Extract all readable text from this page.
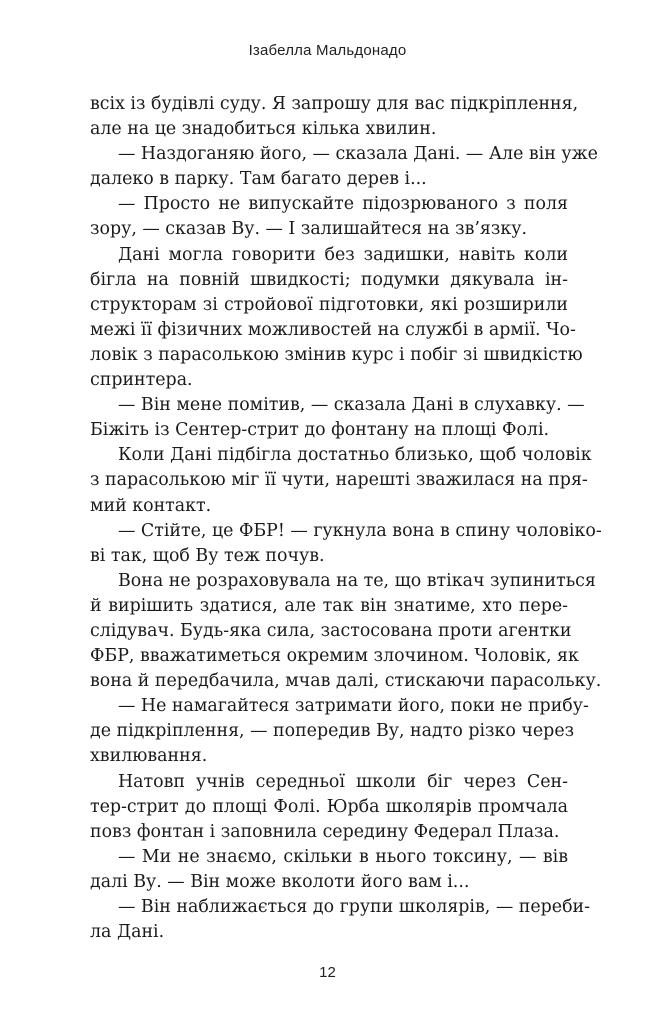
Ізабелла Мальдонадо
всіх із будівлі суду. Я запрошу для вас підкріплення,
але на це знадобиться кілька хвилин.
— Наздоганяю його, — сказала Дані. — Але він уже
далеко в парку. Там багато дерев і...
— Просто не випускайте підозрюваного з поля
зору, — сказав Ву. — І залишайтеся на зв’язку.
Дані могла говорити без задишки, навіть коли
бігла на повній швидкості; подумки дякувала ін-
структорам зі стройової підготовки, які розширили
межі її фізичних можливостей на службі в армії. Чо-
ловік з парасолькою змінив курс і побіг зі швидкістю
спринтера.
— Він мене помітив, — сказала Дані в слухавку. —
Біжіть із Сентер-стрит до фонтану на площі Фолі.
Коли Дані підбігла достатньо близько, щоб чоловік
з парасолькою міг її чути, нарешті зважилася на пря-
мий контакт.
— Стійте, це ФБР! — гукнула вона в спину чоловіко-
ві так, щоб Ву теж почув.
Вона не розраховувала на те, що втікач зупиниться
й вирішить здатися, але так він знатиме, хто пере-
слідувач. Будь-яка сила, застосована проти агентки
ФБР, вважатиметься окремим злочином. Чоловік, як
вона й передбачила, мчав далі, стискаючи парасольку.
— Не намагайтеся затримати його, поки не прибу-
де підкріплення, — попередив Ву, надто різко через
хвилювання.
Натовп учнів середньої школи біг через Сен-
тер-стрит до площі Фолі. Юрба школярів промчала
повз фонтан і заповнила середину Федерал Плаза.
— Ми не знаємо, скільки в нього токсину, — вів
далі Ву. — Він може вколоти його вам і...
— Він наближається до групи школярів, — переби-
ла Дані.
12
